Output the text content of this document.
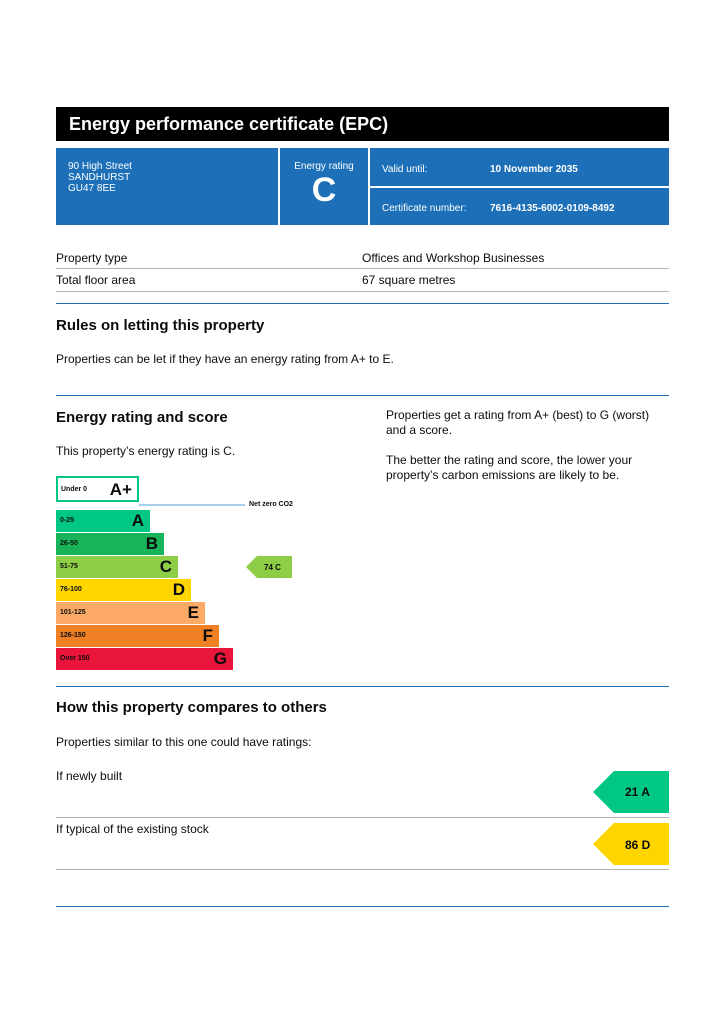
Energy performance certificate (EPC)
90 High Street
SANDHURST
GU47 8EE
Energy rating
C
Valid until:	10 November 2035
Certificate number: 7616-4135-6002-0109-8492
Property type	Offices and Workshop Businesses
Total floor area	67 square metres
Rules on letting this property
Properties can be let if they have an energy rating from A+ to E.
Energy rating and score
This property’s energy rating is C.
Properties get a rating from A+ (best) to G (worst) and a score.
The better the rating and score, the lower your property’s carbon emissions are likely to be.
Under 0 A+
Net zero CO2
0-25	A
26-50	B
51-75	C
76-100	D
101-125	E
126-150	F
Over 150	G
74 C
How this property compares to others
Properties similar to this one could have ratings:
If newly built
21 A
If typical of the existing stock
86 D
